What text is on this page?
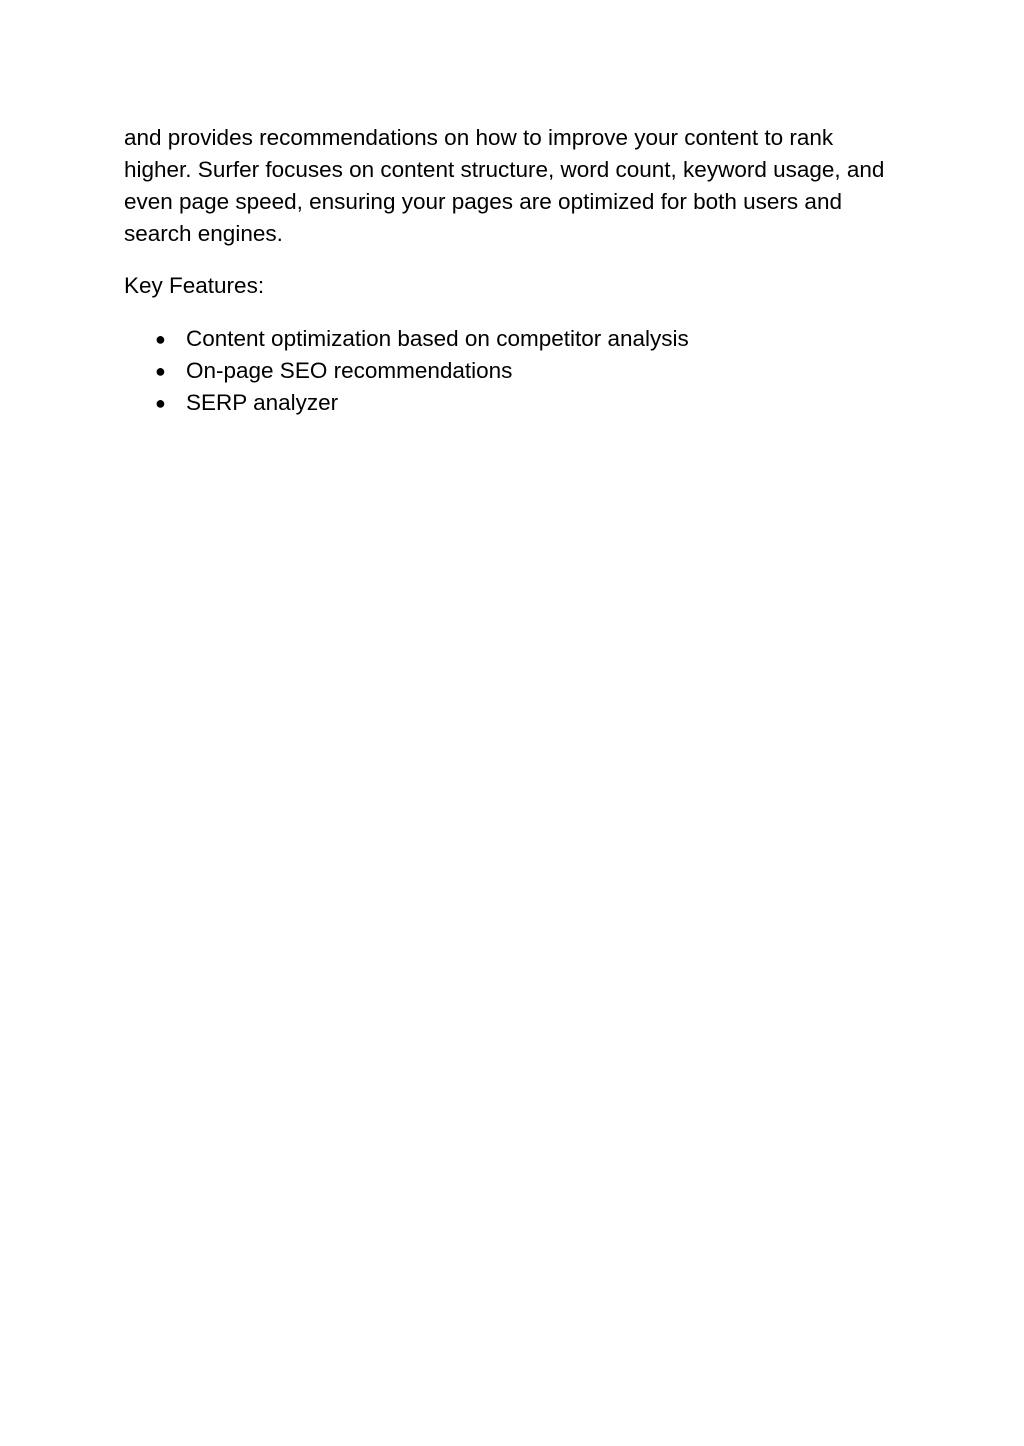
and provides recommendations on how to improve your content to rank higher. Surfer focuses on content structure, word count, keyword usage, and even page speed, ensuring your pages are optimized for both users and search engines.

Key Features:

● Content optimization based on competitor analysis
● On-page SEO recommendations
● SERP analyzer
